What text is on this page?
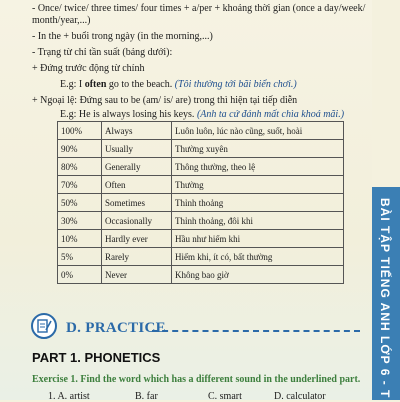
- Once/ twice/ three times/ four times + a/per + khoảng thời gian (once a day/week/
month/year,...)
- In the + buổi trong ngày (in the morning,...)
- Trạng từ chỉ tần suất (bảng dưới):
+ Đứng trước động từ chính
E.g: I often go to the beach. (Tôi thường tới bãi biển chơi.)
+ Ngoại lệ: Đứng sau to be (am/ is/ are) trong thì hiện tại tiếp diễn
E.g: He is always losing his keys. (Anh ta cứ đánh mất chìa khoá mãi.)
100%	Always	Luôn luôn, lúc nào cũng, suốt, hoài
90%	Usually	Thường xuyên
80%	Generally	Thông thường, theo lệ
70%	Often	Thường
50%	Sometimes	Thỉnh thoảng
30%	Occasionally	Thỉnh thoảng, đôi khi
10%	Hardly ever	Hầu như hiếm khi
5%	Rarely	Hiếm khi, ít có, bất thường
0%	Never	Không bao giờ
D. PRACTICE
PART 1. PHONETICS
Exercise 1. Find the word which has a different sound in the underlined part.
1. A. artist	B. far	C. smart	D. calculator	BÀI TẬP TIẾNG ANH LỚP 6 - T
